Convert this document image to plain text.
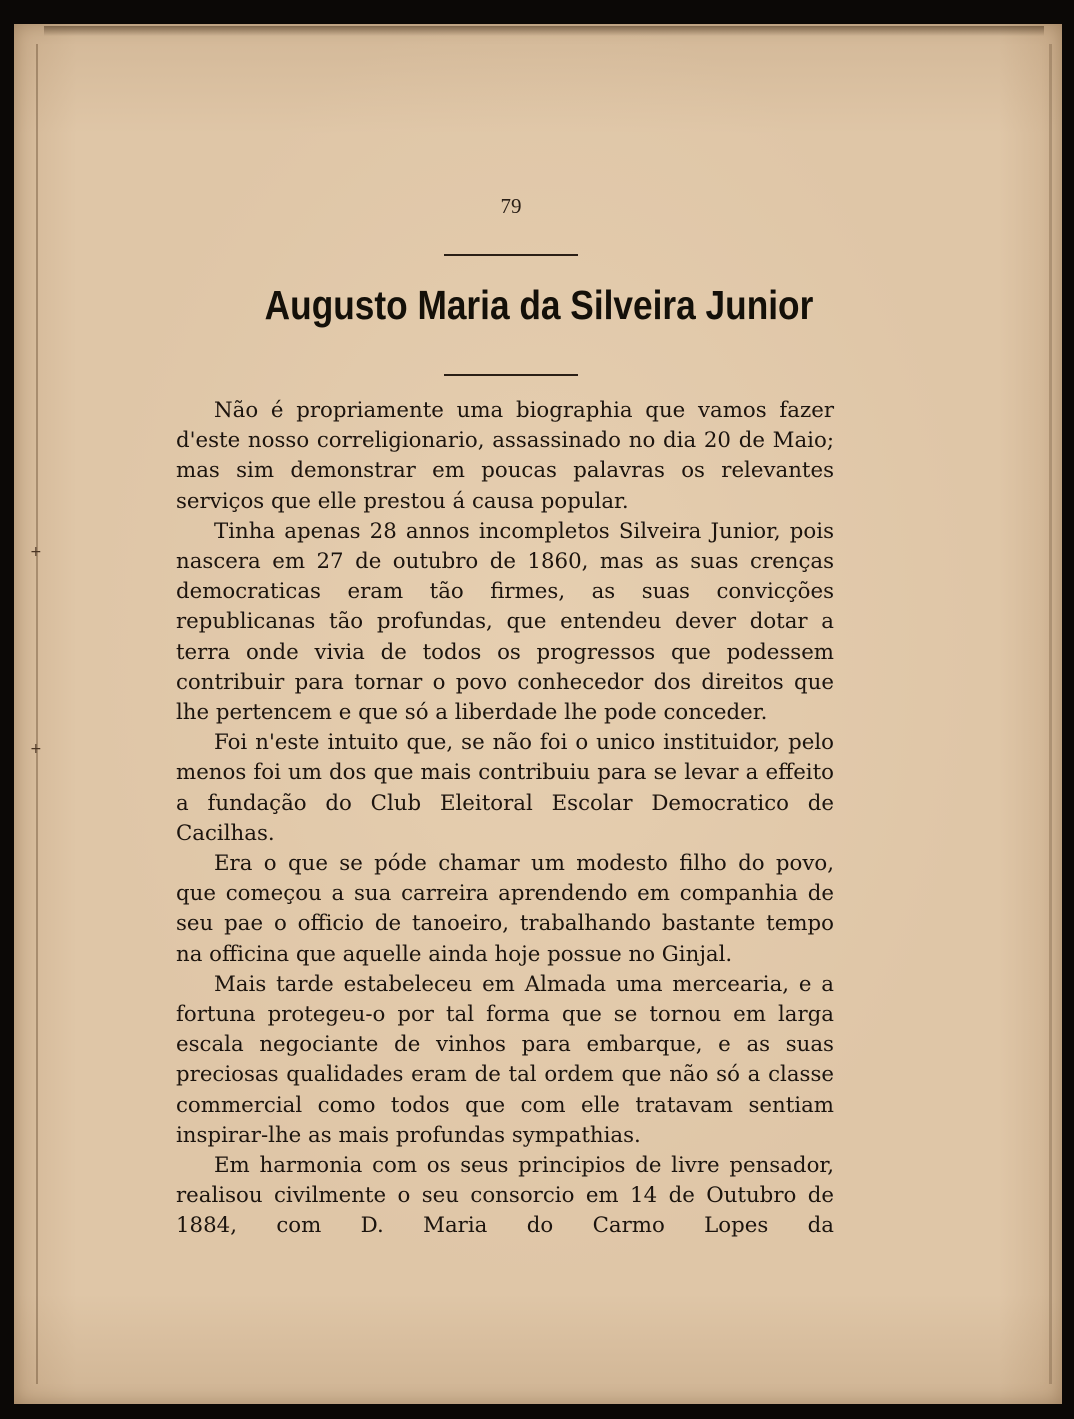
+
+
79
Augusto Maria da Silveira Junior

Não é propriamente uma biographia que vamos fazer d'este nosso correligionario, assassinado no dia 20 de Maio; mas sim demonstrar em poucas palavras os relevantes serviços que elle prestou á causa popular.

Tinha apenas 28 annos incompletos Silveira Junior, pois nascera em 27 de outubro de 1860, mas as suas crenças democraticas eram tão firmes, as suas convicções republicanas tão profundas, que entendeu dever dotar a terra onde vivia de todos os progressos que podessem contribuir para tornar o povo conhecedor dos direitos que lhe pertencem e que só a liberdade lhe pode conceder.

Foi n'este intuito que, se não foi o unico instituidor, pelo menos foi um dos que mais contribuiu para se levar a effeito a fundação do Club Eleitoral Escolar Democratico de Cacilhas.

Era o que se póde chamar um modesto filho do povo, que começou a sua carreira aprendendo em companhia de seu pae o officio de tanoeiro, trabalhando bastante tempo na officina que aquelle ainda hoje possue no Ginjal.

Mais tarde estabeleceu em Almada uma mercearia, e a fortuna protegeu-o por tal forma que se tornou em larga escala negociante de vinhos para embarque, e as suas preciosas qualidades eram de tal ordem que não só a classe commercial como todos que com elle tratavam sentiam inspirar-lhe as mais profundas sympathias.

Em harmonia com os seus principios de livre pensador, realisou civilmente o seu consorcio em 14 de Outubro de 1884, com D. Maria do Carmo Lopes da
